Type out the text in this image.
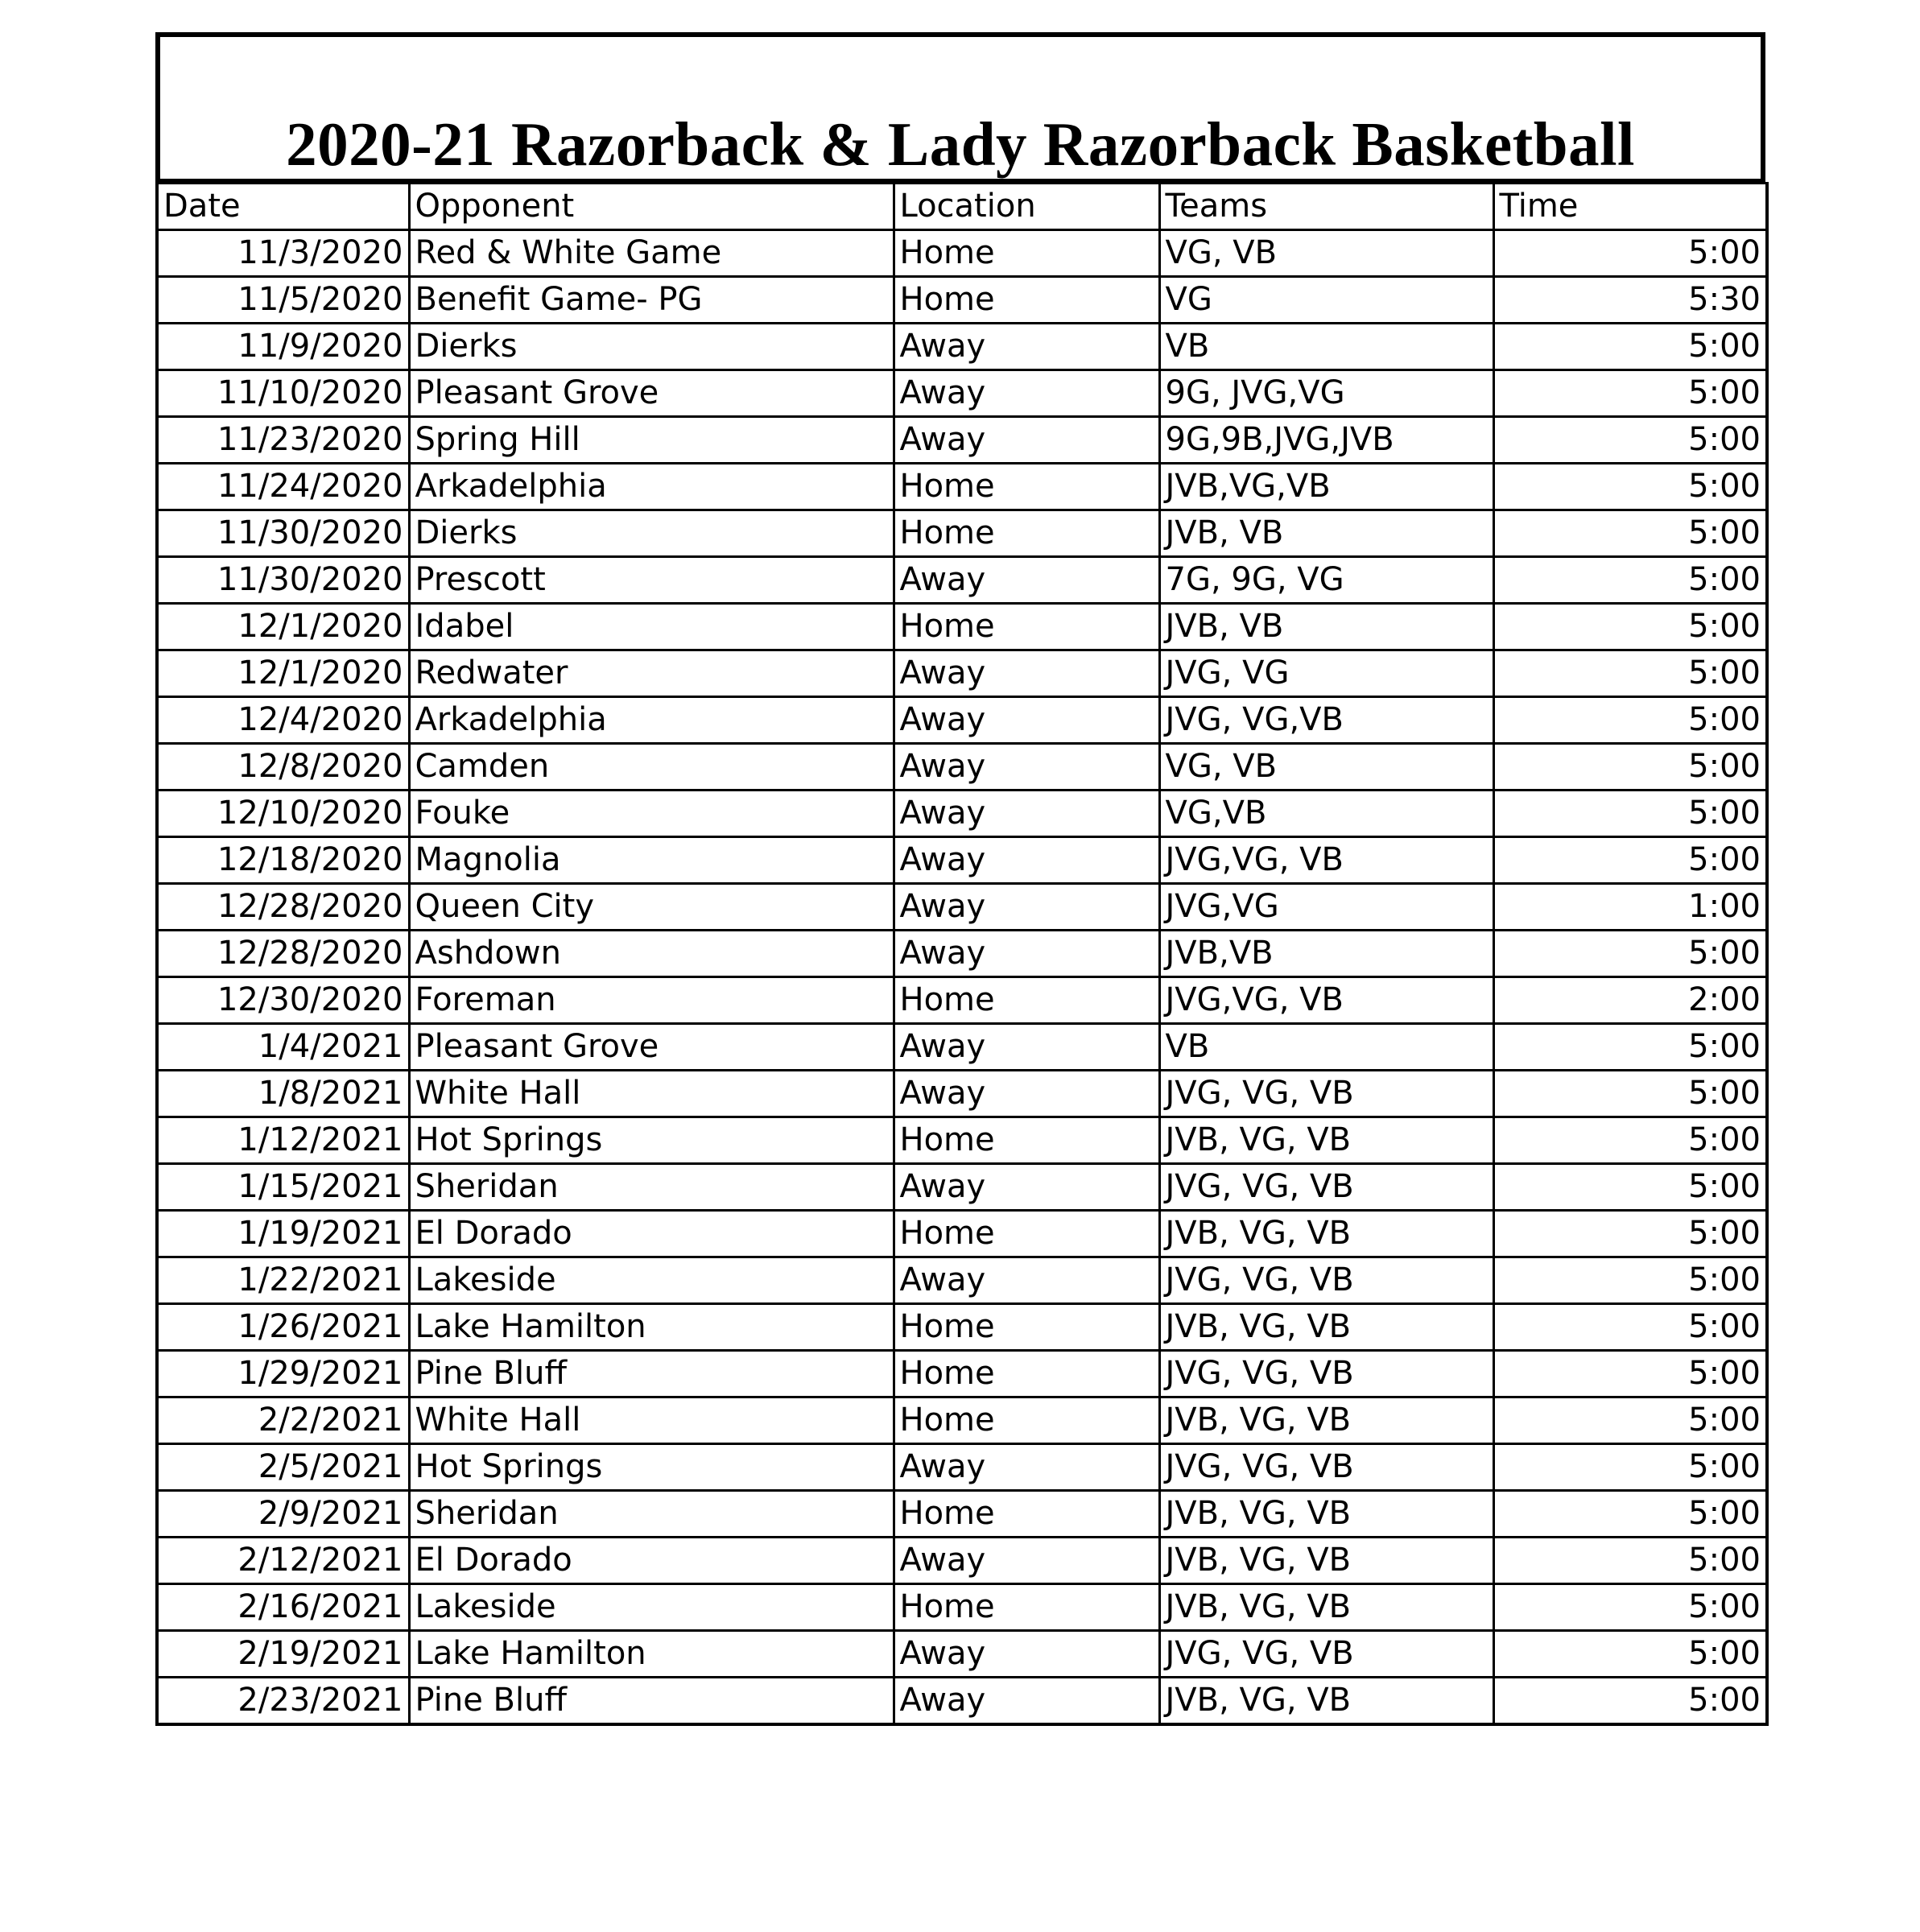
2020-21 Razorback & Lady Razorback Basketball
Date	Opponent	Location	Teams	Time
11/3/2020	Red & White Game	Home	VG, VB	5:00
11/5/2020	Benefit Game- PG	Home	VG	5:30
11/9/2020	Dierks	Away	VB	5:00
11/10/2020	Pleasant Grove	Away	9G, JVG,VG	5:00
11/23/2020	Spring Hill	Away	9G,9B,JVG,JVB	5:00
11/24/2020	Arkadelphia	Home	JVB,VG,VB	5:00
11/30/2020	Dierks	Home	JVB, VB	5:00
11/30/2020	Prescott	Away	7G, 9G, VG	5:00
12/1/2020	Idabel	Home	JVB, VB	5:00
12/1/2020	Redwater	Away	JVG, VG	5:00
12/4/2020	Arkadelphia	Away	JVG, VG,VB	5:00
12/8/2020	Camden	Away	VG, VB	5:00
12/10/2020	Fouke	Away	VG,VB	5:00
12/18/2020	Magnolia	Away	JVG,VG, VB	5:00
12/28/2020	Queen City	Away	JVG,VG	1:00
12/28/2020	Ashdown	Away	JVB,VB	5:00
12/30/2020	Foreman	Home	JVG,VG, VB	2:00
1/4/2021	Pleasant Grove	Away	VB	5:00
1/8/2021	White Hall	Away	JVG, VG, VB	5:00
1/12/2021	Hot Springs	Home	JVB, VG, VB	5:00
1/15/2021	Sheridan	Away	JVG, VG, VB	5:00
1/19/2021	El Dorado	Home	JVB, VG, VB	5:00
1/22/2021	Lakeside	Away	JVG, VG, VB	5:00
1/26/2021	Lake Hamilton	Home	JVB, VG, VB	5:00
1/29/2021	Pine Bluff	Home	JVG, VG, VB	5:00
2/2/2021	White Hall	Home	JVB, VG, VB	5:00
2/5/2021	Hot Springs	Away	JVG, VG, VB	5:00
2/9/2021	Sheridan	Home	JVB, VG, VB	5:00
2/12/2021	El Dorado	Away	JVB, VG, VB	5:00
2/16/2021	Lakeside	Home	JVB, VG, VB	5:00
2/19/2021	Lake Hamilton	Away	JVG, VG, VB	5:00
2/23/2021	Pine Bluff	Away	JVB, VG, VB	5:00
